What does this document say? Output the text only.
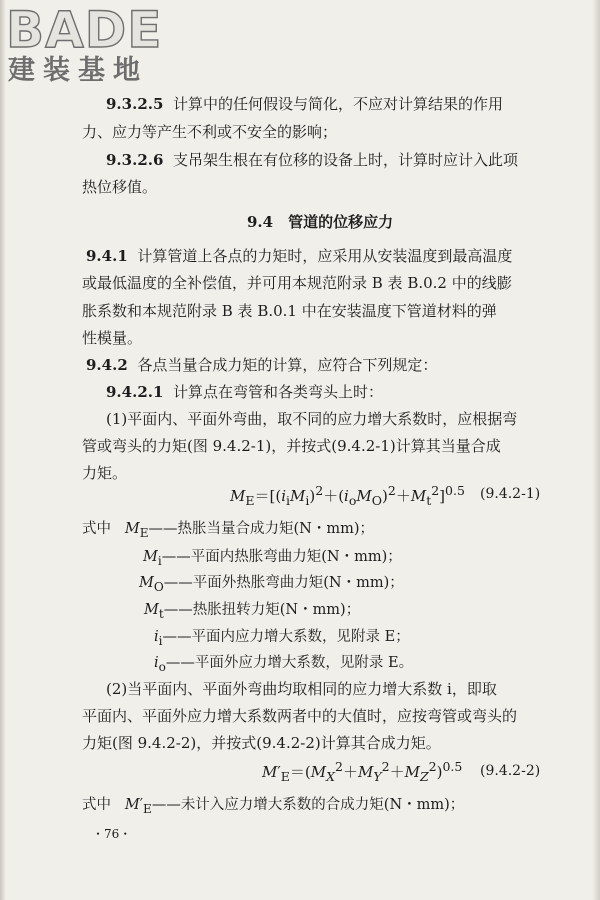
BADE
建装基地
9.3.2.5 计算中的任何假设与简化，不应对计算结果的作用
力、应力等产生不利或不安全的影响；
9.3.2.6 支吊架生根在有位移的设备上时，计算时应计入此项
热位移值。
9.4　管道的位移应力
9.4.1 计算管道上各点的力矩时，应采用从安装温度到最高温度
或最低温度的全补偿值，并可用本规范附录 B 表 B.0.2 中的线膨
胀系数和本规范附录 B 表 B.0.1 中在安装温度下管道材料的弹
性模量。
9.4.2 各点当量合成力矩的计算，应符合下列规定：
9.4.2.1 计算点在弯管和各类弯头上时：
(1)平面内、平面外弯曲，取不同的应力增大系数时，应根据弯
管或弯头的力矩(图 9.4.2-1)，并按式(9.4.2-1)计算其当量合成
力矩。
$M_E=[(i_iM_i)^2+(i_oM_O)^2+M_t^2]^{0.5}$ (9.4.2-1)
式中 $M_E——$热胀当量合成力矩(N・mm)；
$M_i——$平面内热胀弯曲力矩(N・mm)；
$M_O——$平面外热胀弯曲力矩(N・mm)；
$M_t——$热胀扭转力矩(N・mm)；
$i_i——$平面内应力增大系数，见附录 E；
$i_o——$平面外应力增大系数，见附录 E。
(2)当平面内、平面外弯曲均取相同的应力增大系数 i，即取
平面内、平面外应力增大系数两者中的大值时，应按弯管或弯头的
力矩(图 9.4.2-2)，并按式(9.4.2-2)计算其合成力矩。
$M'_E=(M_X^2+M_Y^2+M_Z^2)^{0.5}$ (9.4.2-2)
式中 $M'_E——$未计入应力增大系数的合成力矩(N・mm)；
・76・
